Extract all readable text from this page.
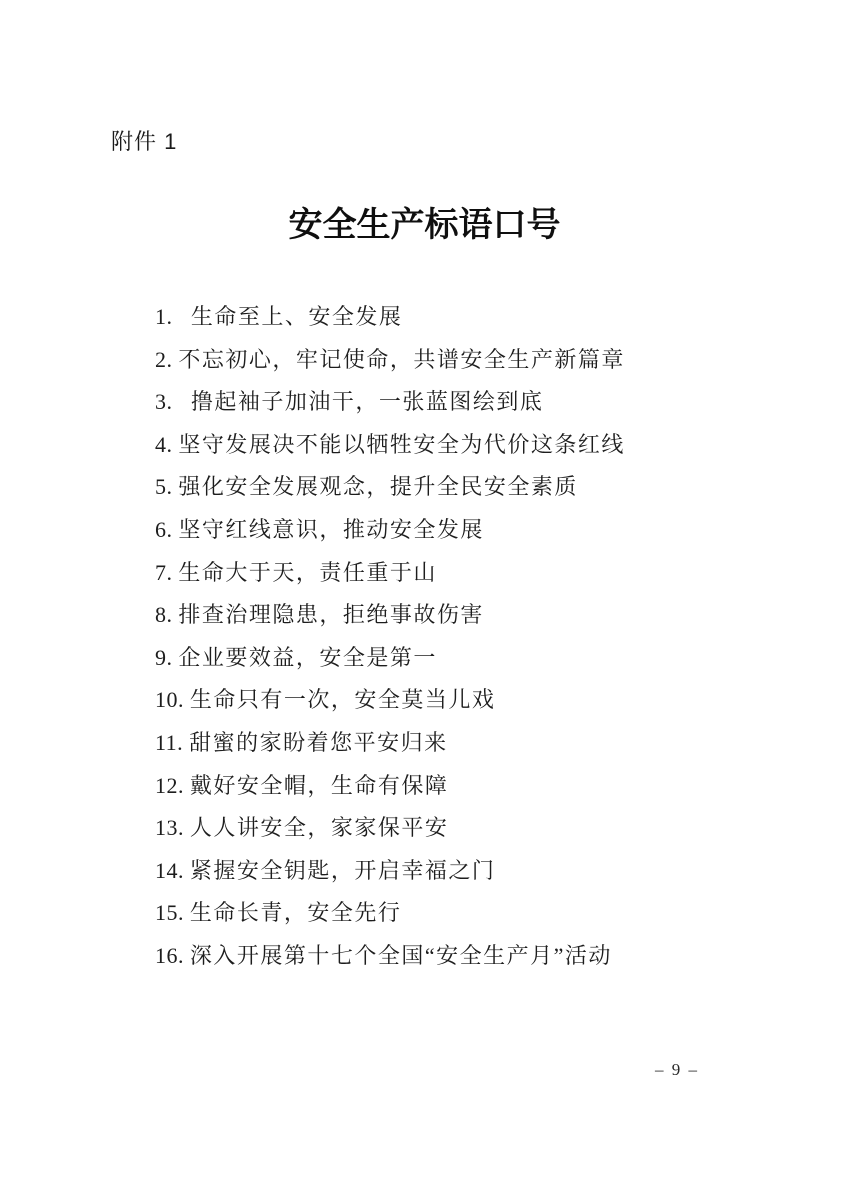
附件 1
安全生产标语口号
1.  生命至上、安全发展
2. 不忘初心，牢记使命，共谱安全生产新篇章
3.  撸起袖子加油干，一张蓝图绘到底
4. 坚守发展决不能以牺牲安全为代价这条红线
5. 强化安全发展观念，提升全民安全素质
6. 坚守红线意识，推动安全发展
7. 生命大于天，责任重于山
8. 排查治理隐患，拒绝事故伤害
9. 企业要效益，安全是第一
10. 生命只有一次，安全莫当儿戏
11. 甜蜜的家盼着您平安归来
12. 戴好安全帽，生命有保障
13. 人人讲安全，家家保平安
14. 紧握安全钥匙，开启幸福之门
15. 生命长青，安全先行
16. 深入开展第十七个全国“安全生产月”活动
– 9 –
